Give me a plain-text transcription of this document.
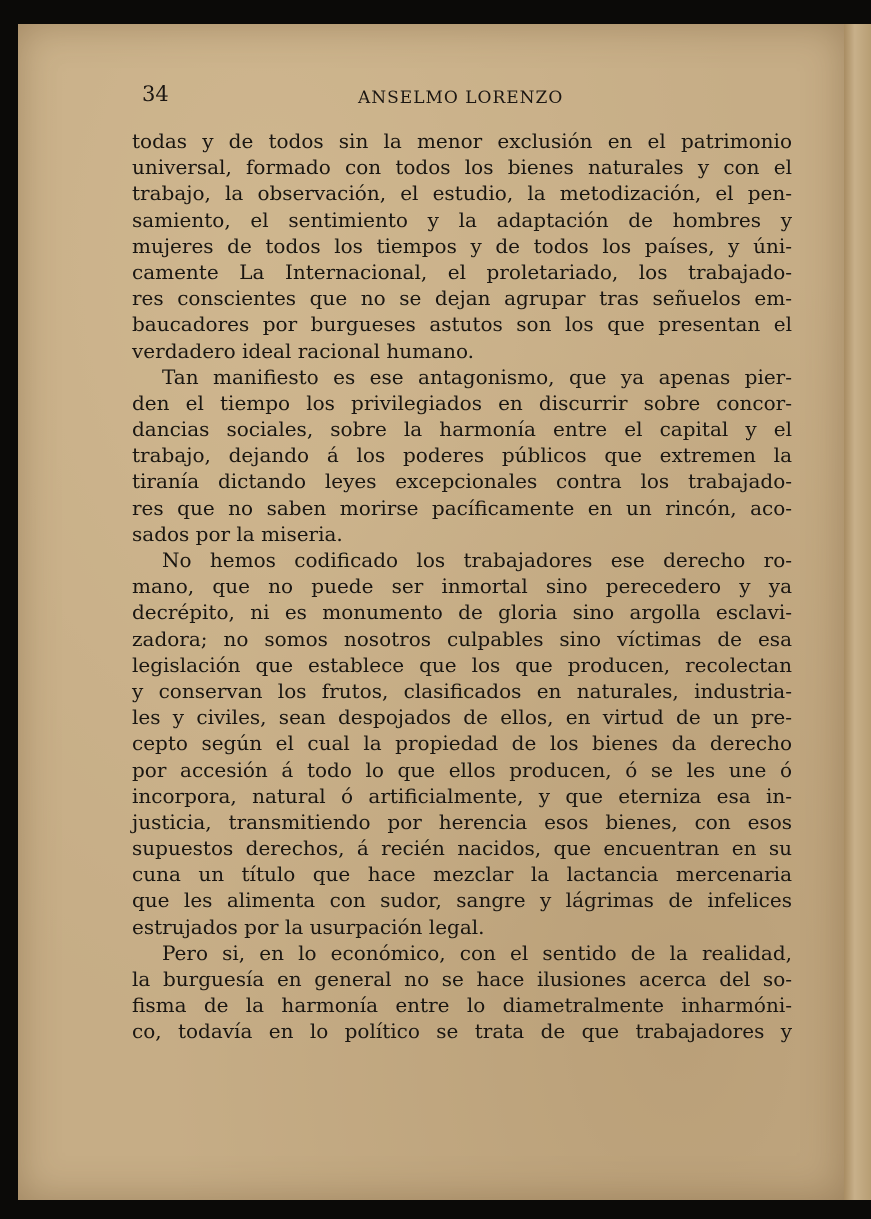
34	ANSELMO LORENZO
todas y de todos sin la menor exclusión en el patrimonio
universal, formado con todos los bienes naturales y con el
trabajo, la observación, el estudio, la metodización, el pen-
samiento, el sentimiento y la adaptación de hombres y
mujeres de todos los tiempos y de todos los países, y úni-
camente La Internacional, el proletariado, los trabajado-
res conscientes que no se dejan agrupar tras señuelos em-
baucadores por burgueses astutos son los que presentan el
verdadero ideal racional humano.
Tan manifiesto es ese antagonismo, que ya apenas pier-
den el tiempo los privilegiados en discurrir sobre concor-
dancias sociales, sobre la harmonía entre el capital y el
trabajo, dejando á los poderes públicos que extremen la
tiranía dictando leyes excepcionales contra los trabajado-
res que no saben morirse pacíficamente en un rincón, aco-
sados por la miseria.
No hemos codificado los trabajadores ese derecho ro-
mano, que no puede ser inmortal sino perecedero y ya
decrépito, ni es monumento de gloria sino argolla esclavi-
zadora; no somos nosotros culpables sino víctimas de esa
legislación que establece que los que producen, recolectan
y conservan los frutos, clasificados en naturales, industria-
les y civiles, sean despojados de ellos, en virtud de un pre-
cepto según el cual la propiedad de los bienes da derecho
por accesión á todo lo que ellos producen, ó se les une ó
incorpora, natural ó artificialmente, y que eterniza esa in-
justicia, transmitiendo por herencia esos bienes, con esos
supuestos derechos, á recién nacidos, que encuentran en su
cuna un título que hace mezclar la lactancia mercenaria
que les alimenta con sudor, sangre y lágrimas de infelices
estrujados por la usurpación legal.
Pero si, en lo económico, con el sentido de la realidad,
la burguesía en general no se hace ilusiones acerca del so-
fisma de la harmonía entre lo diametralmente inharmóni-
co, todavía en lo político se trata de que trabajadores y
